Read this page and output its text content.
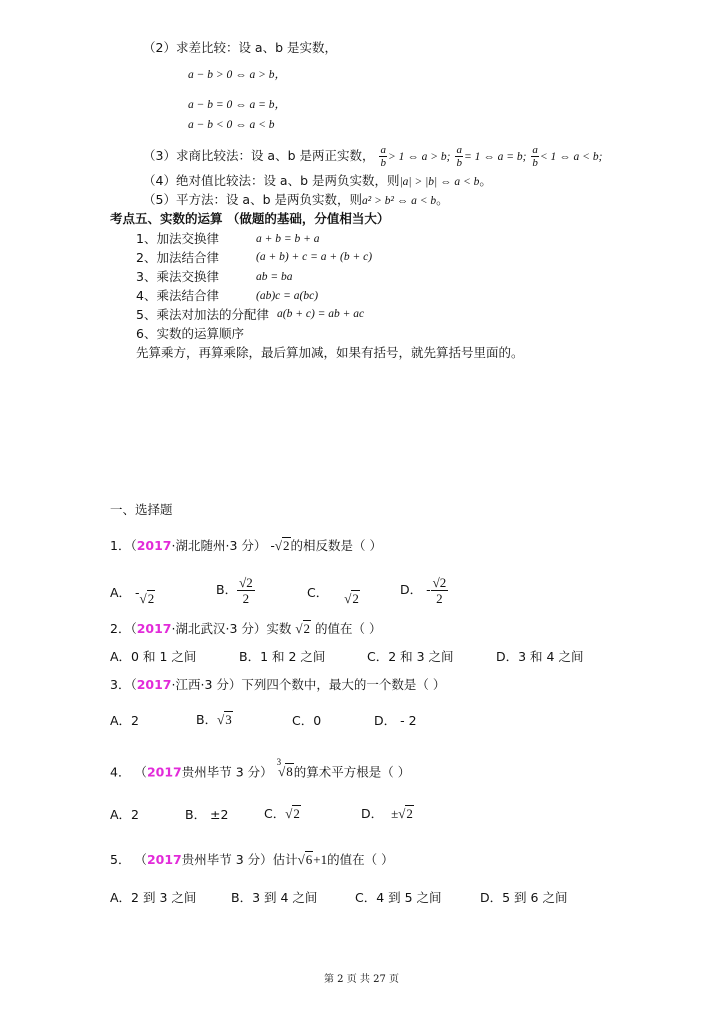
（2）求差比较：设 a、b 是实数，
a − b > 0 ⇔ a > b，
a − b = 0 ⇔ a = b，
a − b < 0 ⇔ a < b
（3）求商比较法：设 a、b 是两正实数， $\frac{a}{b} > 1$ ⇔ a > b; $\frac{a}{b} = 1$ ⇔ a = b; $\frac{a}{b} < 1$ ⇔ a < b;
（4）绝对值比较法：设 a、b 是两负实数，则|a| > |b| ⇔ a < b。
（5）平方法：设 a、b 是两负实数，则a² > b² ⇔ a < b。
考点五、实数的运算 （做题的基础，分值相当大）
1、加法交换律	a + b = b + a
2、加法结合律	(a + b) + c = a + (b + c)
3、乘法交换律	ab = ba
4、乘法结合律	(ab)c = a(bc)
5、乘法对加法的分配律 a(b + c) = ab + ac
6、实数的运算顺序
先算乘方，再算乘除，最后算加减，如果有括号，就先算括号里面的。
一、选择题
1．（2017·湖北随州·3 分） -√2的相反数是（ ）
A． -√2
B． $\frac{√2}{2}$	C． √2
D． - $\frac{√2}{2}$
2．（2017·湖北武汉·3 分）实数 √2 的值在（ ）
A．0 和 1 之间	B．1 和 2 之间	C．2 和 3 之间	D．3 和 4 之间
3．（2017·江西·3 分）下列四个数中，最大的一个数是（ ）
A．2	B．√3	C．0	D． - 2
4． （2017贵州毕节 3 分）$^3$√8的算术平方根是（ ）
A．2	B． ±2	C．√2	D． ±√2
5． （2017贵州毕节 3 分）估计√6+1的值在（ ）
A．2 到 3 之间	B．3 到 4 之间	C．4 到 5 之间	D．5 到 6 之间
第 2 页 共 27 页
